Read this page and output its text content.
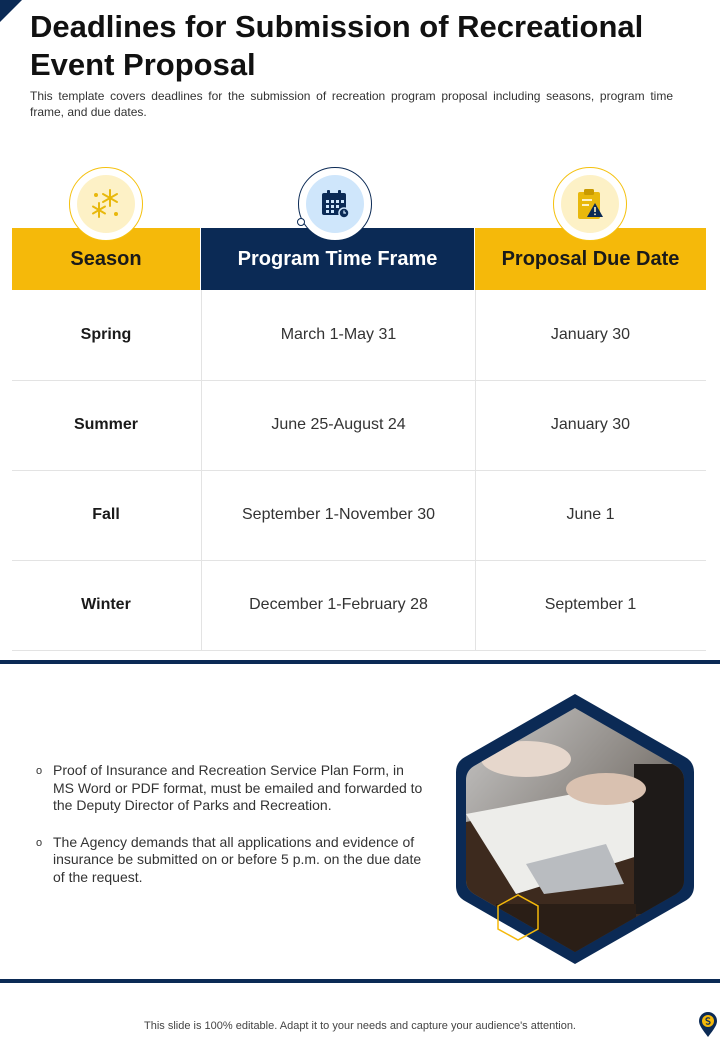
Deadlines for Submission of Recreational Event Proposal

This template covers deadlines for the submission of recreation program proposal including seasons, program time frame, and due dates.

Season	Program Time Frame	Proposal Due Date
Spring	March 1-May 31	January 30
Summer	June 25-August 24	January 30
Fall	September 1-November 30	June 1
Winter	December 1-February 28	September 1
o Proof of Insurance and Recreation Service Plan Form, in MS Word or PDF format, must be emailed and forwarded to the Deputy Director of Parks and Recreation.
o The Agency demands that all applications and evidence of insurance be submitted on or before 5 p.m. on the due date of the request.
This slide is 100% editable. Adapt it to your needs and capture your audience's attention.
